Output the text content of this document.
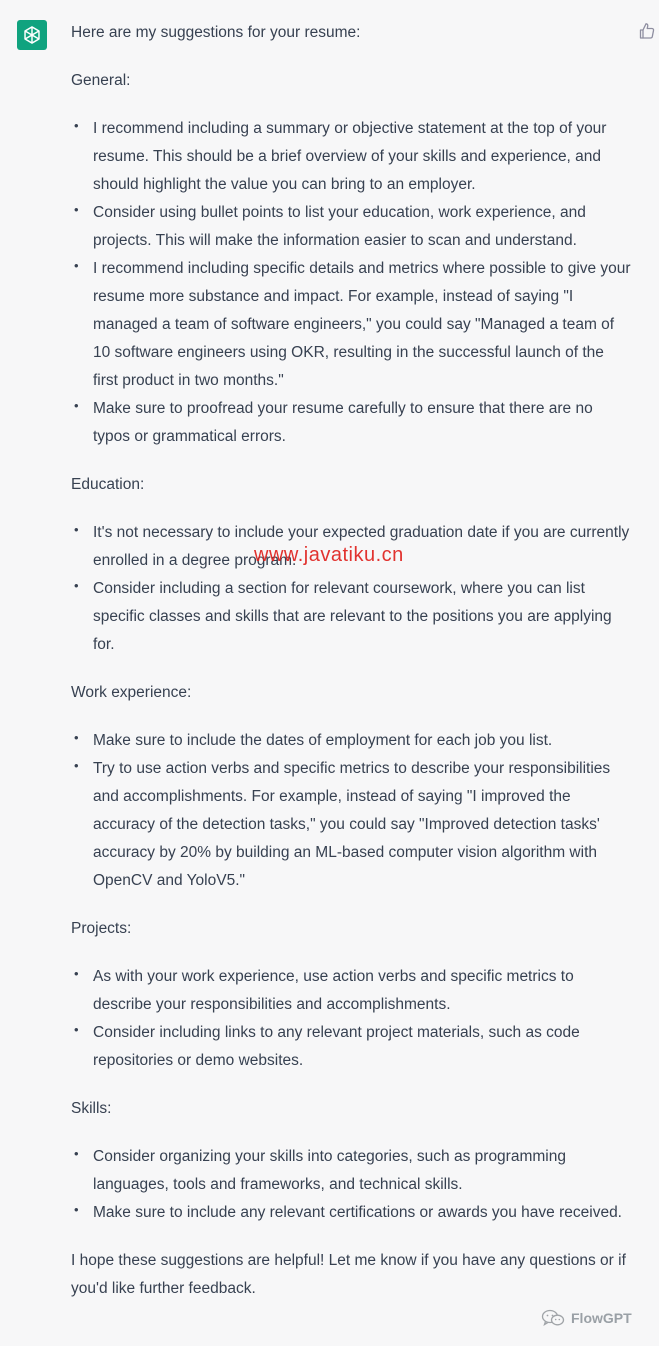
Here are my suggestions for your resume:

General:

• I recommend including a summary or objective statement at the top of your resume. This should be a brief overview of your skills and experience, and should highlight the value you can bring to an employer.
• Consider using bullet points to list your education, work experience, and projects. This will make the information easier to scan and understand.
• I recommend including specific details and metrics where possible to give your resume more substance and impact. For example, instead of saying "I managed a team of software engineers," you could say "Managed a team of 10 software engineers using OKR, resulting in the successful launch of the first product in two months."
• Make sure to proofread your resume carefully to ensure that there are no typos or grammatical errors.

Education:

• It's not necessary to include your expected graduation date if you are currently enrolled in a degree program.
• Consider including a section for relevant coursework, where you can list specific classes and skills that are relevant to the positions you are applying for.

Work experience:

• Make sure to include the dates of employment for each job you list.
• Try to use action verbs and specific metrics to describe your responsibilities and accomplishments. For example, instead of saying "I improved the accuracy of the detection tasks," you could say "Improved detection tasks' accuracy by 20% by building an ML-based computer vision algorithm with OpenCV and YoloV5."

Projects:

• As with your work experience, use action verbs and specific metrics to describe your responsibilities and accomplishments.
• Consider including links to any relevant project materials, such as code repositories or demo websites.

Skills:

• Consider organizing your skills into categories, such as programming languages, tools and frameworks, and technical skills.
• Make sure to include any relevant certifications or awards you have received.

I hope these suggestions are helpful! Let me know if you have any questions or if you'd like further feedback.

www.javatiku.cn
FlowGPT
